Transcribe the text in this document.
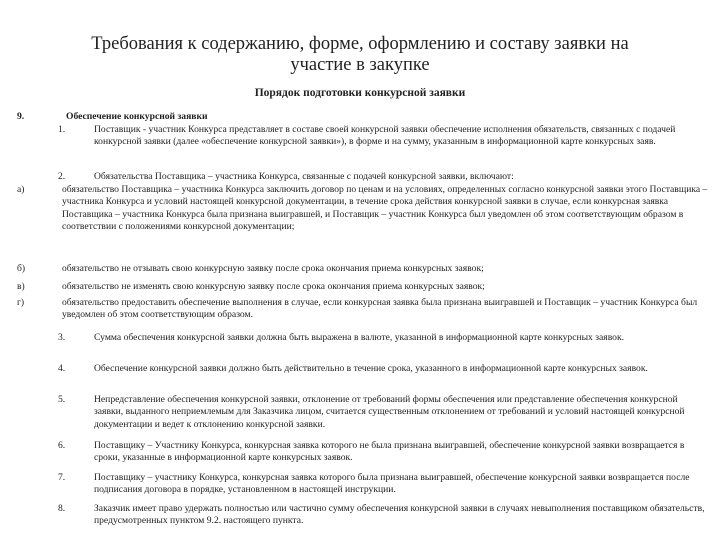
Требования к содержанию, форме, оформлению и составу заявки на участие в закупке
Порядок подготовки конкурсной заявки
9.	Обеспечение конкурсной заявки
1.	Поставщик - участник Конкурса представляет в составе своей конкурсной заявки обеспечение исполнения обязательств, связанных с подачей конкурсной заявки (далее «обеспечение конкурсной заявки»), в форме и на сумму, указанным в информационной карте конкурсных заяв.
2.	Обязательства Поставщика – участника Конкурса, связанные с подачей конкурсной заявки, включают:
а)	обязательство Поставщика – участника Конкурса заключить договор по ценам и на условиях, определенных согласно конкурсной заявки этого Поставщика – участника Конкурса и условий настоящей конкурсной документации, в течение срока действия конкурсной заявки в случае, если конкурсная заявка Поставщика – участника Конкурса была признана выигравшей, и Поставщик – участник Конкурса был уведомлен об этом соответствующим образом в соответствии с положениями конкурсной документации;
б)	обязательство не отзывать свою конкурсную заявку после срока окончания приема конкурсных заявок;
в)	обязательство не изменять свою конкурсную заявку после срока окончания приема конкурсных заявок;
г)	обязательство предоставить обеспечение выполнения в случае, если конкурсная заявка была признана выигравшей и Поставщик – участник Конкурса был уведомлен об этом соответствующим образом.
3.	Сумма обеспечения конкурсной заявки должна быть выражена в валюте, указанной в информационной карте конкурсных заявок.
4.	Обеспечение конкурсной заявки должно быть действительно в течение срока, указанного в информационной карте конкурсных заявок.
5.	Непредставление обеспечения конкурсной заявки, отклонение от требований формы обеспечения или представление обеспечения конкурсной заявки, выданного неприемлемым для Заказчика лицом, считается существенным отклонением от требований и условий настоящей конкурсной документации и ведет к отклонению конкурсной заявки.
6.	Поставщику – Участнику Конкурса, конкурсная заявка которого не была признана выигравшей, обеспечение конкурсной заявки возвращается в сроки, указанные в информационной карте конкурсных заявок.
7.	Поставщику – участнику Конкурса, конкурсная заявка которого была признана выигравшей, обеспечение конкурсной заявки возвращается после подписания договора в порядке, установленном в настоящей инструкции.
8.	Заказчик имеет право удержать полностью или частично сумму обеспечения конкурсной заявки в случаях невыполнения поставщиком обязательств, предусмотренных пунктом 9.2. настоящего пункта.
